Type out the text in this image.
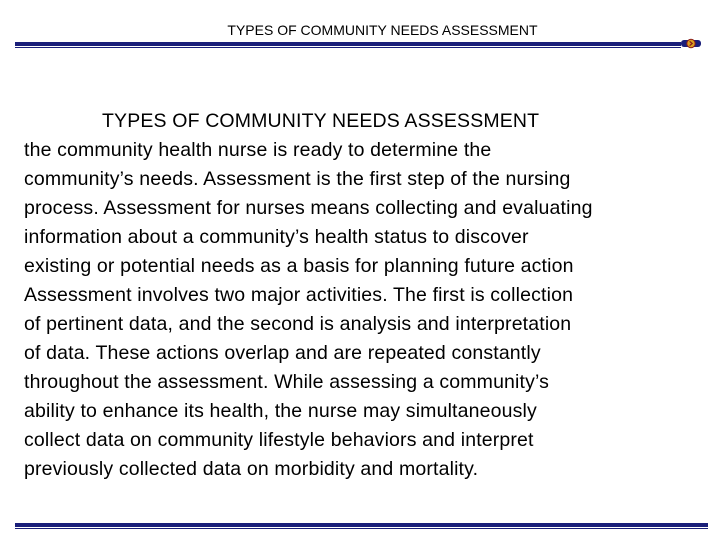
TYPES OF COMMUNITY NEEDS ASSESSMENT

TYPES OF COMMUNITY NEEDS ASSESSMENT
the community health nurse is ready to determine the
community’s needs. Assessment is the first step of the nursing
process. Assessment for nurses means collecting and evaluating
information about a community’s health status to discover
existing or potential needs as a basis for planning future action
Assessment involves two major activities. The first is collection
of pertinent data, and the second is analysis and interpretation
of data. These actions overlap and are repeated constantly
throughout the assessment. While assessing a community’s
ability to enhance its health, the nurse may simultaneously
collect data on community lifestyle behaviors and interpret
previously collected data on morbidity and mortality.
